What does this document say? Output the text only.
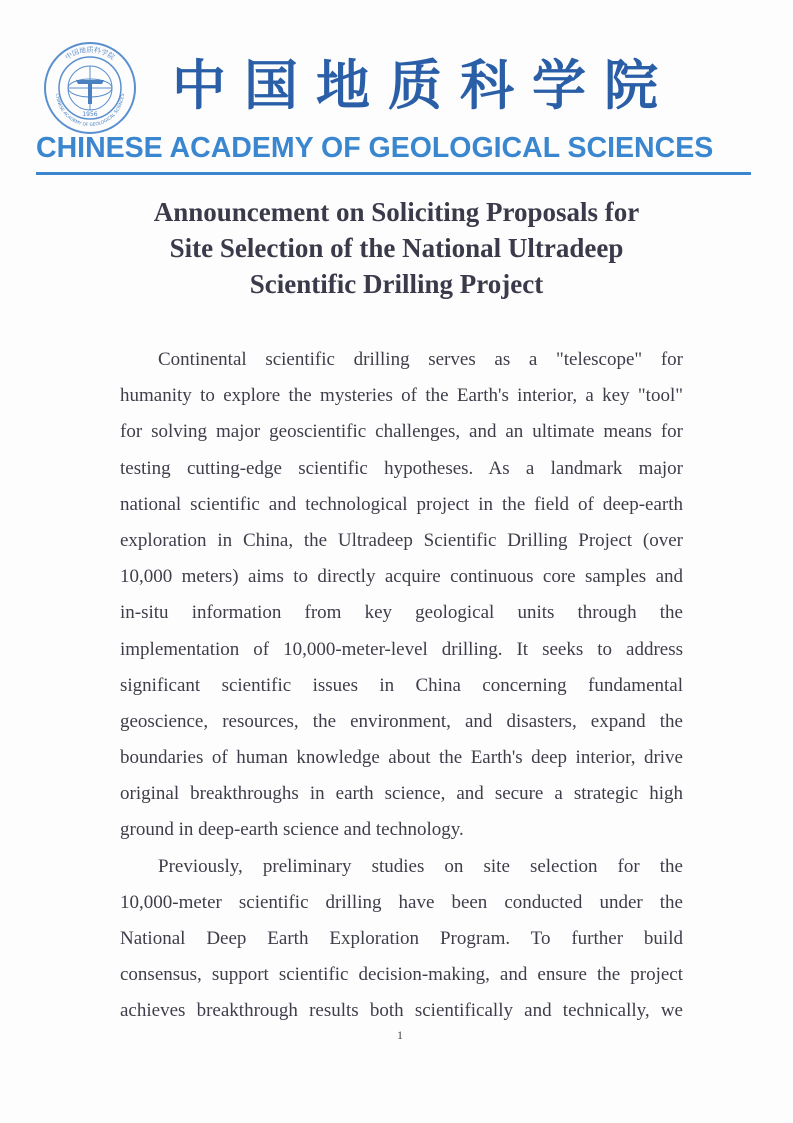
1956
中国地质科学院
CHINESE ACADEMY OF GEOLOGICAL SCIENCES 中国地质科学院
CHINESE ACADEMY OF GEOLOGICAL SCIENCES
Announcement on Soliciting Proposals for
Site Selection of the National Ultradeep
Scientific Drilling Project
Continental scientific drilling serves as a "telescope" for
humanity to explore the mysteries of the Earth's interior, a key "tool"
for solving major geoscientific challenges, and an ultimate means for
testing cutting-edge scientific hypotheses. As a landmark major
national scientific and technological project in the field of deep-earth
exploration in China, the Ultradeep Scientific Drilling Project (over
10,000 meters) aims to directly acquire continuous core samples and
in-situ information from key geological units through the
implementation of 10,000-meter-level drilling. It seeks to address
significant scientific issues in China concerning fundamental
geoscience, resources, the environment, and disasters, expand the
boundaries of human knowledge about the Earth's deep interior, drive
original breakthroughs in earth science, and secure a strategic high
ground in deep-earth science and technology.
Previously, preliminary studies on site selection for the
10,000-meter scientific drilling have been conducted under the
National Deep Earth Exploration Program. To further build
consensus, support scientific decision-making, and ensure the project
achieves breakthrough results both scientifically and technically, we
1
